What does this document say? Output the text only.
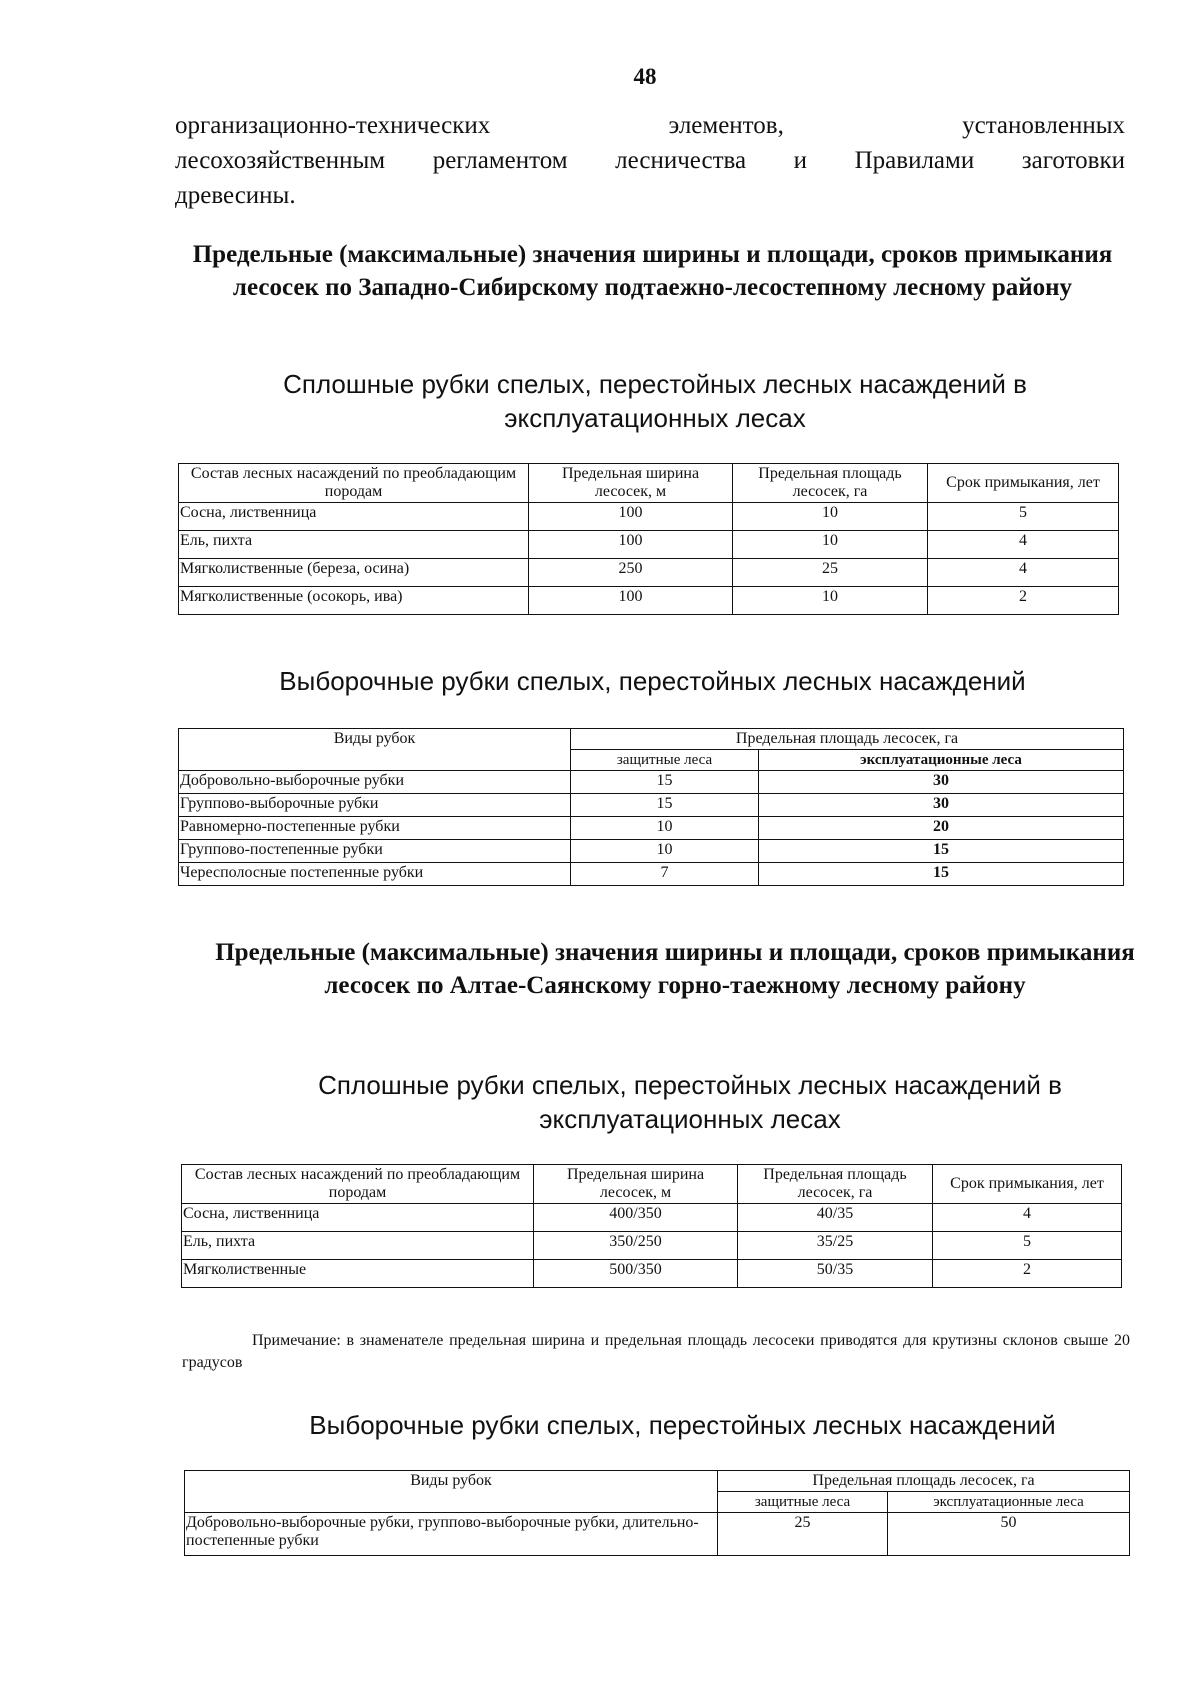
48
организационно-технических элементов, установленных
лесохозяйственным регламентом лесничества и Правилами заготовки
древесины.
Предельные (максимальные) значения ширины и площади, сроков примыкания лесосек по Западно-Сибирскому подтаежно-лесостепному лесному району
Сплошные рубки спелых, перестойных лесных насаждений в эксплуатационных лесах
Состав лесных насаждений по преобладающим породам	Предельная ширина лесосек, м	Предельная площадь лесосек, га	Срок примыкания, лет
Сосна, лиственница	100	10	5
Ель, пихта	100	10	4
Мягколиственные (береза, осина)	250	25	4
Мягколиственные (осокорь, ива)	100	10	2
Выборочные рубки спелых, перестойных лесных насаждений
Виды рубок	Предельная площадь лесосек, га	
	защитные леса	эксплуатационные леса
Добровольно-выборочные рубки	15	30
Группово-выборочные рубки	15	30
Равномерно-постепенные рубки	10	20
Группово-постепенные рубки	10	15
Чересполосные постепенные рубки	7	15
Предельные (максимальные) значения ширины и площади, сроков примыкания лесосек по Алтае-Саянскому горно-таежному лесному району
Сплошные рубки спелых, перестойных лесных насаждений в эксплуатационных лесах
Состав лесных насаждений по преобладающим породам	Предельная ширина лесосек, м	Предельная площадь лесосек, га	Срок примыкания, лет
Сосна, лиственница	400/350	40/35	4
Ель, пихта	350/250	35/25	5
Мягколиственные	500/350	50/35	2
Примечание: в знаменателе предельная ширина и предельная площадь лесосеки приводятся для крутизны склонов свыше 20 градусов
Выборочные рубки спелых, перестойных лесных насаждений
Виды рубок	Предельная площадь лесосек, га	
	защитные леса	эксплуатационные леса
Добровольно-выборочные рубки, группово-выборочные рубки, длительно-постепенные рубки	25	50
